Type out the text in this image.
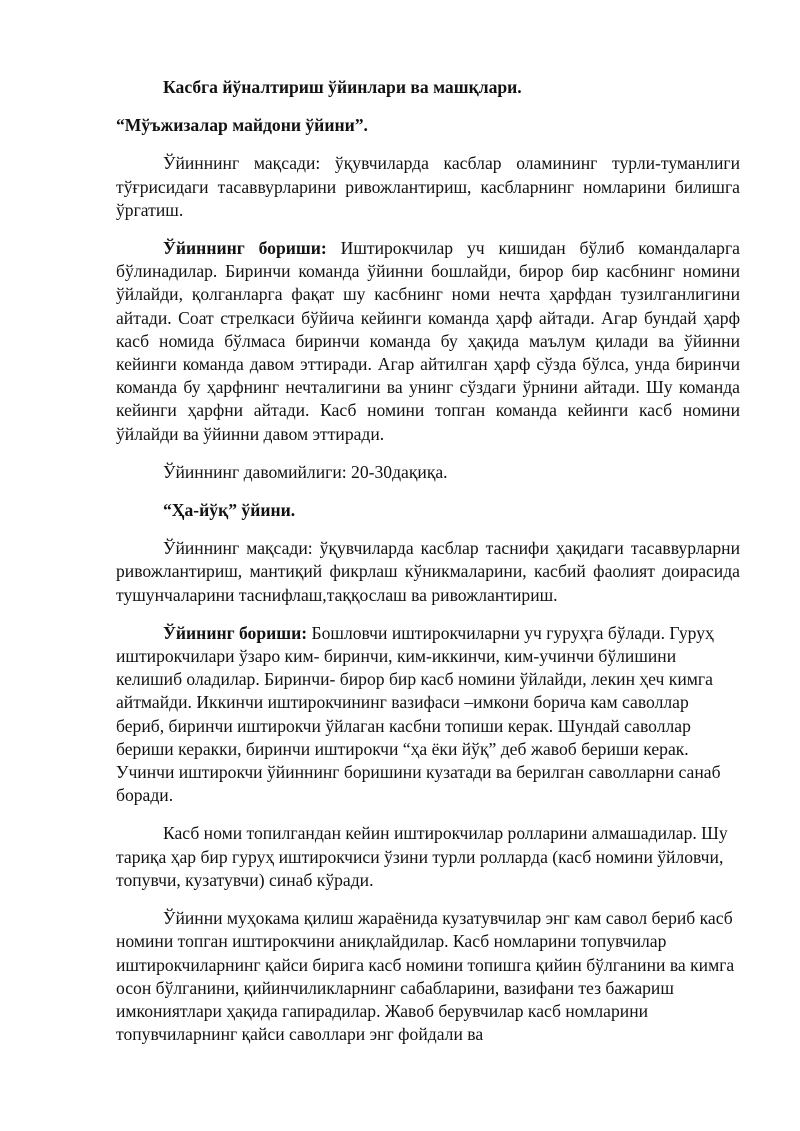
Касбга йўналтириш ўйинлари ва машқлари.

“Мўъжизалар майдони ўйини”.

Ўйиннинг мақсади: ўқувчиларда касблар оламининг турли-туманлиги тўғрисидаги тасаввурларини ривожлантириш, касбларнинг номларини билишга ўргатиш.

Ўйиннинг бориши: Иштирокчилар уч кишидан бўлиб командаларга бўлинадилар. Биринчи команда ўйинни бошлайди, бирор бир касбнинг номини ўйлайди, қолганларга фақат шу касбнинг номи нечта ҳарфдан тузилганлигини айтади. Соат стрелкаси бўйича кейинги команда ҳарф айтади. Агар бундай ҳарф касб номида бўлмаса биринчи команда бу ҳақида маълум қилади ва ўйинни кейинги команда давом эттиради. Агар айтилган ҳарф сўзда бўлса, унда биринчи команда бу ҳарфнинг нечталигини ва унинг сўздаги ўрнини айтади. Шу команда кейинги ҳарфни айтади. Касб номини топган команда кейинги касб номини ўйлайди ва ўйинни давом эттиради.

Ўйиннинг давомийлиги: 20-30дақиқа.

“Ҳа-йўқ” ўйини.

Ўйиннинг мақсади: ўқувчиларда касблар таснифи ҳақидаги тасаввурларни ривожлантириш, мантиқий фикрлаш кўникмаларини, касбий фаолият доирасида тушунчаларини таснифлаш,таққослаш ва ривожлантириш.

Ўйининг бориши: Бошловчи иштирокчиларни уч гуруҳга бўлади. Гуруҳ иштирокчилари ўзаро ким- биринчи, ким-иккинчи, ким-учинчи бўлишини келишиб оладилар. Биринчи- бирор бир касб номини ўйлайди, лекин ҳеч кимга айтмайди. Иккинчи иштирокчининг вазифаси –имкони борича кам саволлар бериб, биринчи иштирокчи ўйлаган касбни топиши керак. Шундай саволлар бериши керакки, биринчи иштирокчи “ҳа ёки йўқ” деб жавоб бериши керак. Учинчи иштирокчи ўйиннинг боришини кузатади ва берилган саволларни санаб боради.

Касб номи топилгандан кейин иштирокчилар ролларини алмашадилар. Шу тариқа ҳар бир гуруҳ иштирокчиси ўзини турли ролларда (касб номини ўйловчи, топувчи, кузатувчи) синаб кўради.

Ўйинни муҳокама қилиш жараёнида кузатувчилар энг кам савол бериб касб номини топган иштирокчини аниқлайдилар. Касб номларини топувчилар иштирокчиларнинг қайси бирига касб номини топишга қийин бўлганини ва кимга осон бўлганини, қийинчиликларнинг сабабларини, вазифани тез бажариш имкониятлари ҳақида гапирадилар. Жавоб берувчилар касб номларини топувчиларнинг қайси саволлари энг фойдали ва
